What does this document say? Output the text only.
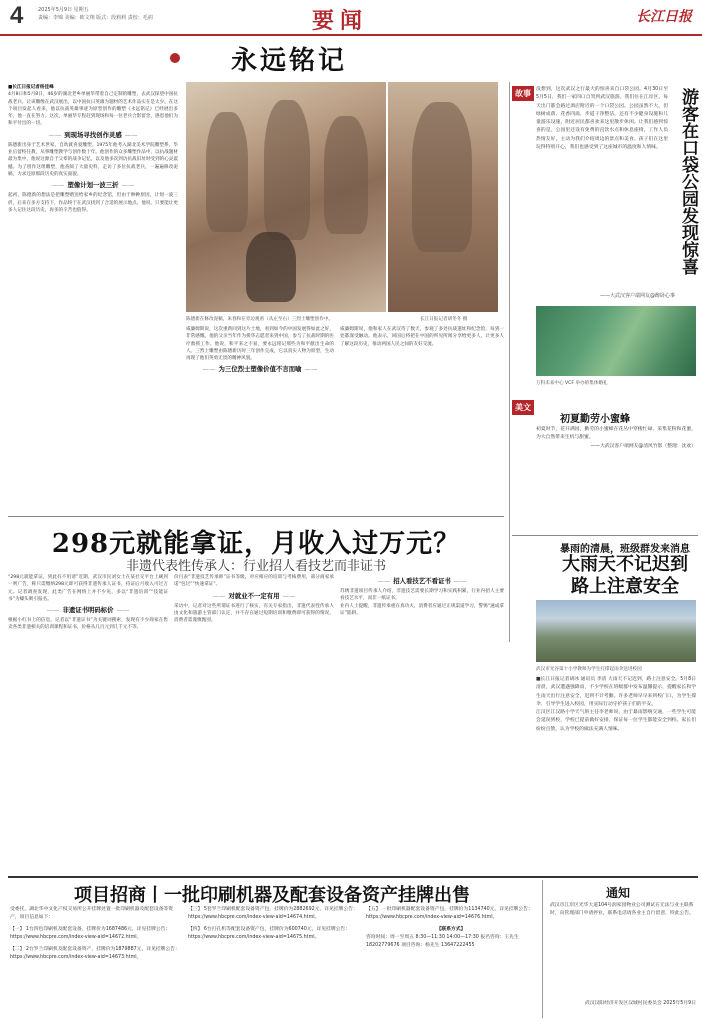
4	2025年5月9日 星期五
责编：李锦 美编：欧文翔 版式：段莉莉 责校：毛润	要闻	长江日报
永远铭记

■长江日报记者杨佳峰

4月8日和5月8日，46岁的湖北老乡单丽华带着自己定制的雕塑，去武汉探望中国抗战老兵。让该雕像在武汉展出，以中国抗日英雄为题材的艺术作品实在是太少。在这个项目发起人看来，他以抗战英雄事迹为原型创作的雕塑《永远铭记》已经展出多年，他一直在努力。这次，单丽华专程赶到现场和每一位老兵合影留念，感恩他们为和平付出的一切。

—— 到现场寻找创作灵感 ——

陈德新出身于艺术世家，自幼就喜爱雕塑。1975年他考入湖北美术学院雕塑系，毕业后留校任教，从事雕塑教学与创作数十年。他创作的众多雕塑作品中，以抗战题材最为集中，他说这源自于父辈的战争记忆，以及他多次到访抗战旧址时受到的心灵震撼。为了创作这组雕塑，他查阅了大量史料，走访了多位抗战老兵，一遍遍修改泥稿，力求还原那段历史的真实面貌。

—— 塑像计划一波三折 ——

起初，陈德新的想法是把雕塑赠送给家乡的纪念馆，但由于种种原因，计划一波三折。后来在多方支持下，作品终于在武汉找到了合适的展示地点。他说，只要能让更多人记住这段历史，再多的辛苦也值得。

陈德新在修改泥稿，朱春和在旁边观看（从左至右）三烈士雕塑创作中。	长江日报记者胡冬冬 摄

威廉姆斯说，这次重新回到这片土地，看到如今的中国发展得如此之好，非常感慨。他的父亲当年作为援华志愿者来到中国，参与了抗战时期的医疗救援工作。他说，和平来之不易，要永远铭记那些为和平献出生命的人。三烈士雕塑由陈德新历时三年创作完成，它以真实人物为原型，生动再现了他们英勇无畏的精神风貌。

—— 为三位烈士塑像价值不言而喻 ——

威廉姆斯说，他和家人在武汉待了数天，参观了多处抗战遗址和纪念馆，每到一处都深受触动。他表示，回国后将把在中国的所见所闻分享给更多人，让更多人了解这段历史，推动两国人民之间的友好交流。

故事	游客在口袋公园发现惊喜

没想到，这次武汉之行最大的惊喜来自口袋公园。4月30日至5月5日，我们一家四口自驾到武汉旅游。我们住在江岸区，每天出门都会路过酒店附近的一个口袋公园。公园虽然不大，但绿树成荫、花香四溢，步道干净整洁，还有不少健身设施和儿童游乐设施，附近居民都喜欢来这里散步休闲。让我们感到惊喜的是，公园里还设有免费的直饮水点和休息座椅，工作人员热情友好，主动为我们介绍周边的景点和美食。孩子们在这里玩得特别开心，我们也感受到了这座城市的温度和人情味。

——大武汉客户端网友@醉卧心事
万科未来中心 VCF 举办的集体婚礼
美文
初夏勤劳小蜜蜂

初夏时节，花开满园，勤劳的小蜜蜂在花丛中穿梭忙碌，采集花粉和花蜜，为大自然带来生机与甜蜜。

——大武汉客户端网友@清风竹影（整理：沈欢）

暴雨的清晨，班级群发来消息
大雨天不记迟到
路上注意安全
武汉市光谷第十小学教师为学生打撑起雨伞送进校园

■长江日报记者胡冰 通讯员 李清 大雨天不记迟到，路上注意安全。5月8日清晨，武汉遭遇强降雨，不少学校在班级群中发布温馨提示，提醒家长和学生雨天出行注意安全，迟到不计考勤。许多老师早早来到校门口，为学生撑伞、引导学生进入校园，用实际行动守护孩子们的平安。

江汉区江汉路小学天气班主任李老师说，由于暴雨影响交通，一些学生可能会延误到校，学校已提前做好安排，保证每一位学生都能安全到校。家长们纷纷点赞，认为学校的做法充满人情味。

298元就能拿证，月收入过万元？
非遗代表性传承人：行业招人看技艺而非证书

“298元就能拿证，到此有不用请”近期，武汉市民刘女士在某社交平台上刷到一则广告，称只需缴纳298元即可获得非遗传承人证书，持证后月收入可过万元。记者调查发现，此类广告在网络上并不少见，多以“非遗培训”“技能证书”为噱头吸引报名。

—— 非遗证书明码标价 ——

根据小红书上的信息，记者以“非遗证书”为关键词搜索，发现有不少商家在售卖各类非遗相关的培训课程和证书，价格从几百元到几千元不等。

价目表“非遗技艺传承师”证书等级，对应相应的培训与考核费用，部分商家承诺“包过”“快速拿证”。

—— 对就业不一定有用 ——

采访中，记者对这些所谓证书进行了核实，有关专家指出，非遗代表性传承人由文化和旅游主管部门认定，并不存在通过短期培训和缴费即可获得的情况，消费者需谨慎甄别。

—— 招人看技艺不看证书 ——

苏绣非遗项目传承人介绍，非遗技艺需要长期学习和实践积累，行业内招人主要看技艺水平，而非一纸证书。

业内人士提醒，非遗传承重在真功夫，消费者应通过正规渠道学习，警惕“速成拿证”陷阱。

项目招商丨一批印刷机器及配套设备资产挂牌出售

受委托，湖北华中文化产权交易所公开挂牌处置一批印刷机器及配套设备等资产，项目信息如下：

【一】 1台四色印刷机及配套设备，挂牌价为1687486元，详见挂牌公告：https://www.hbcpre.com/index-view-aid=14672.html。

【二】 2台罗兰印刷机及配套设备资产，挂牌价为1879887元，详见挂牌公告：https://www.hbcpre.com/index-view-aid=14673.html。

【三】 5套罗兰印刷机配套设备资产包，挂牌价为2882692元，详见挂牌公告：https://www.hbcpre.com/index-view-aid=14674.html。

【四】 6台打孔机等配套设备资产包，挂牌价为600740元，详见挂牌公告：https://www.hbcpre.com/index-view-aid=14675.html。

【五】 一批印刷机器配套设备资产包，挂牌价为1134740元，详见挂牌公告：https://www.hbcpre.com/index-view-aid=14676.html。

【联系方式】

咨询时间：周一至周五 8:30—11:30 14:00—17:30 报名咨询：王先生 18202779676 项目咨询：杨先生 13647222455

通知

武汉市江岸区光华大道104号润家园物业公司测试在无法与业主联系时，向管理部门申请停业，联系电话请各业主自行留意，特此公告。

武汉汉阳经济开发区汉城村民委员会 2025年5月9日
